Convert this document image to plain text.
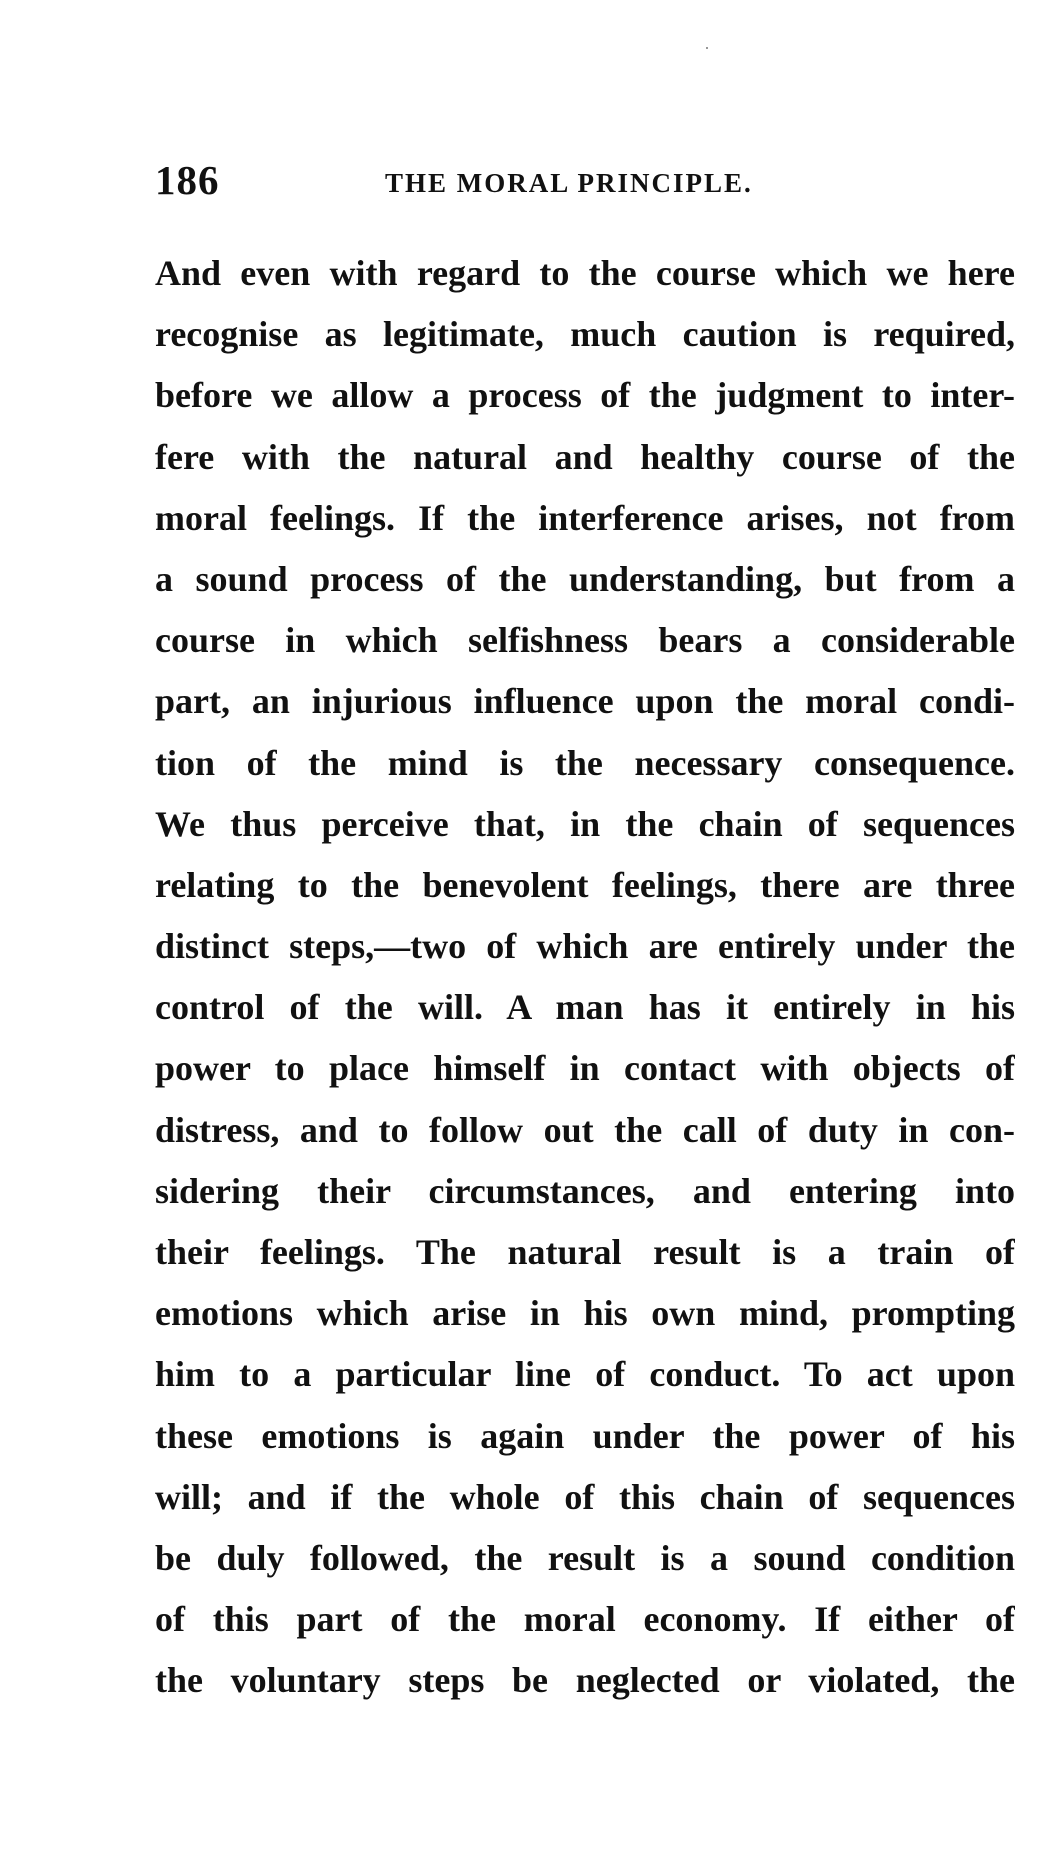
186	THE MORAL PRINCIPLE.
And even with regard to the course which we here
recognise as legitimate, much caution is required,
before we allow a process of the judgment to inter-
fere with the natural and healthy course of the
moral feelings. If the interference arises, not from
a sound process of the understanding, but from a
course in which selfishness bears a considerable
part, an injurious influence upon the moral condi-
tion of the mind is the necessary consequence.
We thus perceive that, in the chain of sequences
relating to the benevolent feelings, there are three
distinct steps,—two of which are entirely under the
control of the will. A man has it entirely in his
power to place himself in contact with objects of
distress, and to follow out the call of duty in con-
sidering their circumstances, and entering into
their feelings. The natural result is a train of
emotions which arise in his own mind, prompting
him to a particular line of conduct. To act upon
these emotions is again under the power of his
will; and if the whole of this chain of sequences
be duly followed, the result is a sound condition
of this part of the moral economy. If either of
the voluntary steps be neglected or violated, the
